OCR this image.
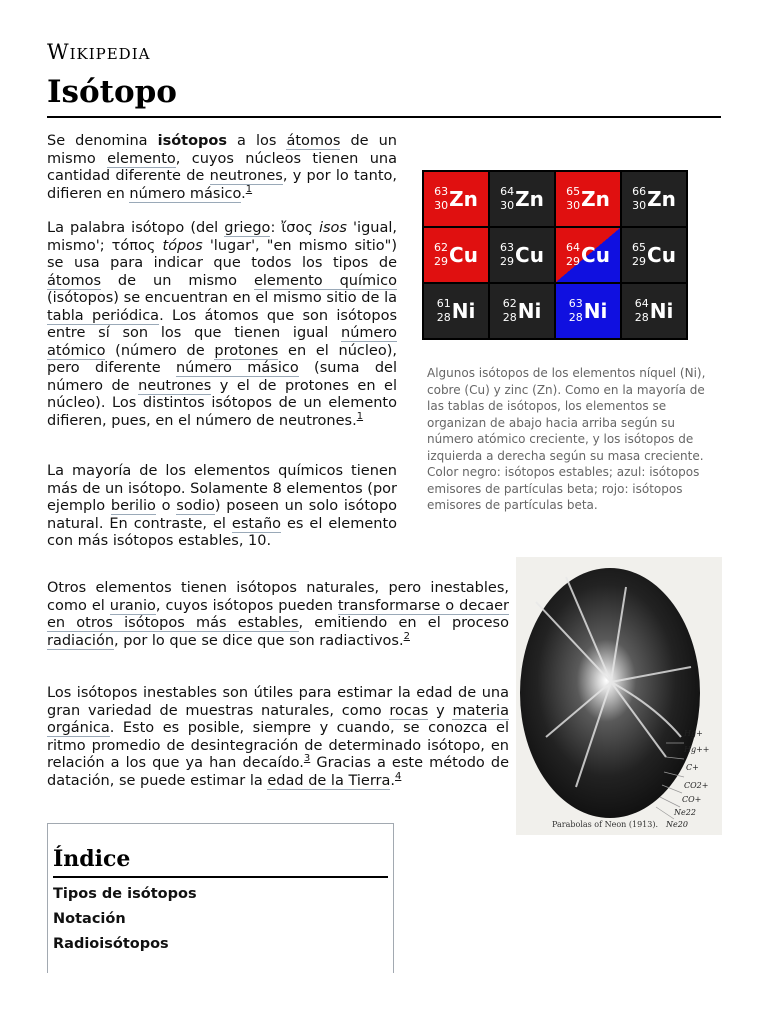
Wikipedia
Isótopo

Se denomina isótopos a los átomos de un mismo elemento, cuyos núcleos tienen una cantidad diferente de neutrones, y por lo tanto, difieren en número másico.$^1$

La palabra isótopo (del griego: ἴσος isos 'igual, mismo'; τόπος tópos 'lugar', "en mismo sitio") se usa para indicar que todos los tipos de átomos de un mismo elemento químico (isótopos) se encuentran en el mismo sitio de la tabla periódica. Los átomos que son isótopos entre sí son los que tienen igual número atómico (número de protones en el núcleo), pero diferente número másico (suma del número de neutrones y el de protones en el núcleo). Los distintos isótopos de un elemento difieren, pues, en el número de neutrones.$^1$

La mayoría de los elementos químicos tienen más de un isótopo. Solamente 8 elementos (por ejemplo berilio o sodio) poseen un solo isótopo natural. En contraste, el estaño es el elemento con más isótopos estables, 10.

Otros elementos tienen isótopos naturales, pero inestables, como el uranio, cuyos isótopos pueden transformarse o decaer en otros isótopos más estables, emitiendo en el proceso radiación, por lo que se dice que son radiactivos.$^2$

Los isótopos inestables son útiles para estimar la edad de una gran variedad de muestras naturales, como rocas y materia orgánica. Esto es posible, siempre y cuando, se conozca el ritmo promedio de desintegración de determinado isótopo, en relación a los que ya han decaído.$^3$ Gracias a este método de datación, se puede estimar la edad de la Tierra.$^4$

63
30 Zn 64
30 Zn 65
30 Zn 66
30 Zn
62
29 Cu 63
29 Cu 64
29 Cu 65
29 Cu
61
28 Ni 62
28 Ni 63
28 Ni 64
28 Ni

Algunos isótopos de los elementos níquel (Ni), cobre (Cu) y zinc (Zn). Como en la mayoría de las tablas de isótopos, los elementos se organizan de abajo hacia arriba según su número atómico creciente, y los isótopos de izquierda a derecha según su masa creciente. Color negro: isótopos estables; azul: isótopos emisores de partículas beta; rojo: isótopos emisores de partículas beta.

Hg+
Hg++
C+
CO2+
CO+
Ne22
Ne20
Parabolas of Neon (1913).
Índice
Tipos de isótopos
Notación
Radioisótopos
